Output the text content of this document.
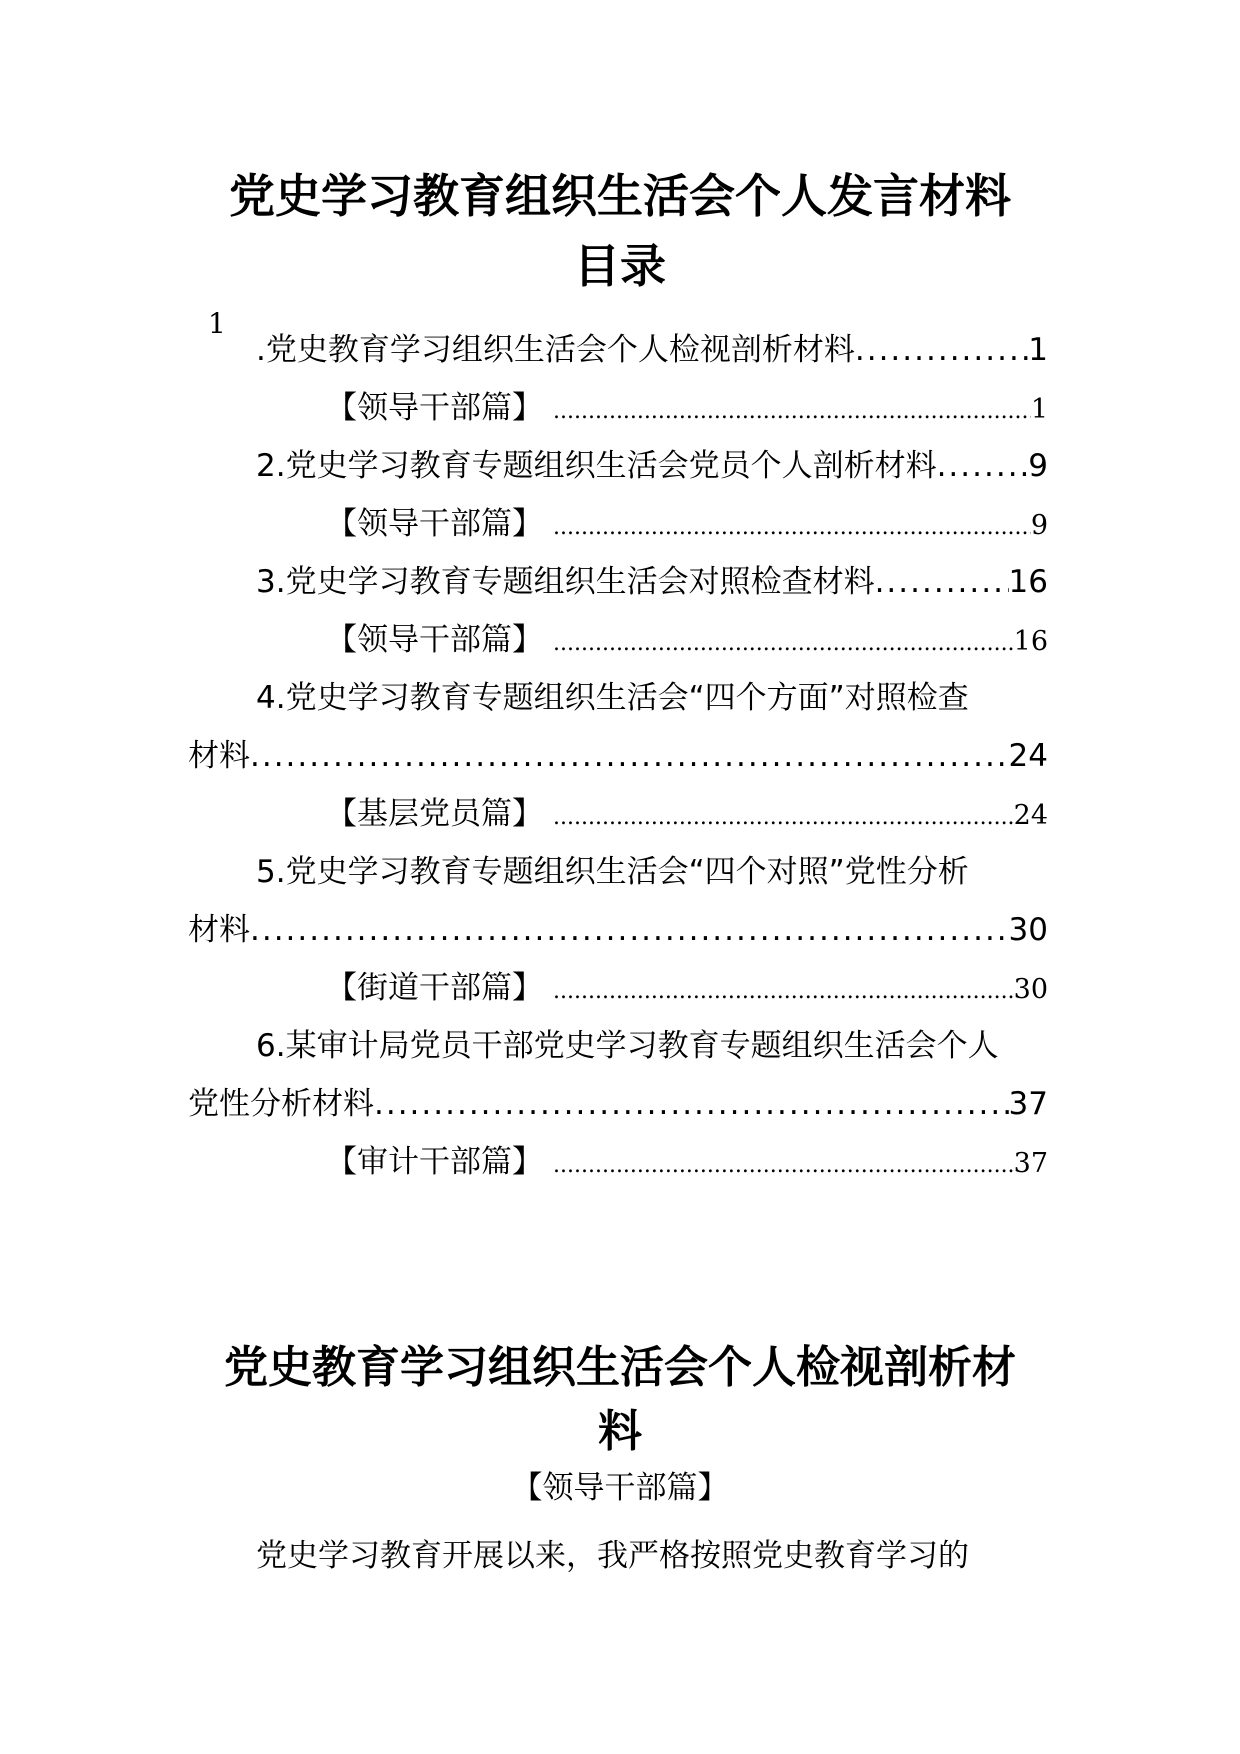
党史学习教育组织生活会个人发言材料
目录
1
.党史教育学习组织生活会个人检视剖析材料 .....	1
【领导干部篇】 .....	1
2.党史学习教育专题组织生活会党员个人剖析材料 .....	9
【领导干部篇】 .....	9
3.党史学习教育专题组织生活会对照检查材料 .....	16
【领导干部篇】 .....	16
4.党史学习教育专题组织生活会“四个方面”对照检查
材料 .....	24
【基层党员篇】 .....	24
5.党史学习教育专题组织生活会“四个对照”党性分析
材料 .....	30
【街道干部篇】 .....	30
6.某审计局党员干部党史学习教育专题组织生活会个人
党性分析材料 .....	37
【审计干部篇】 .....	37
党史教育学习组织生活会个人检视剖析材
料
【领导干部篇】
党史学习教育开展以来，我严格按照党史教育学习的
